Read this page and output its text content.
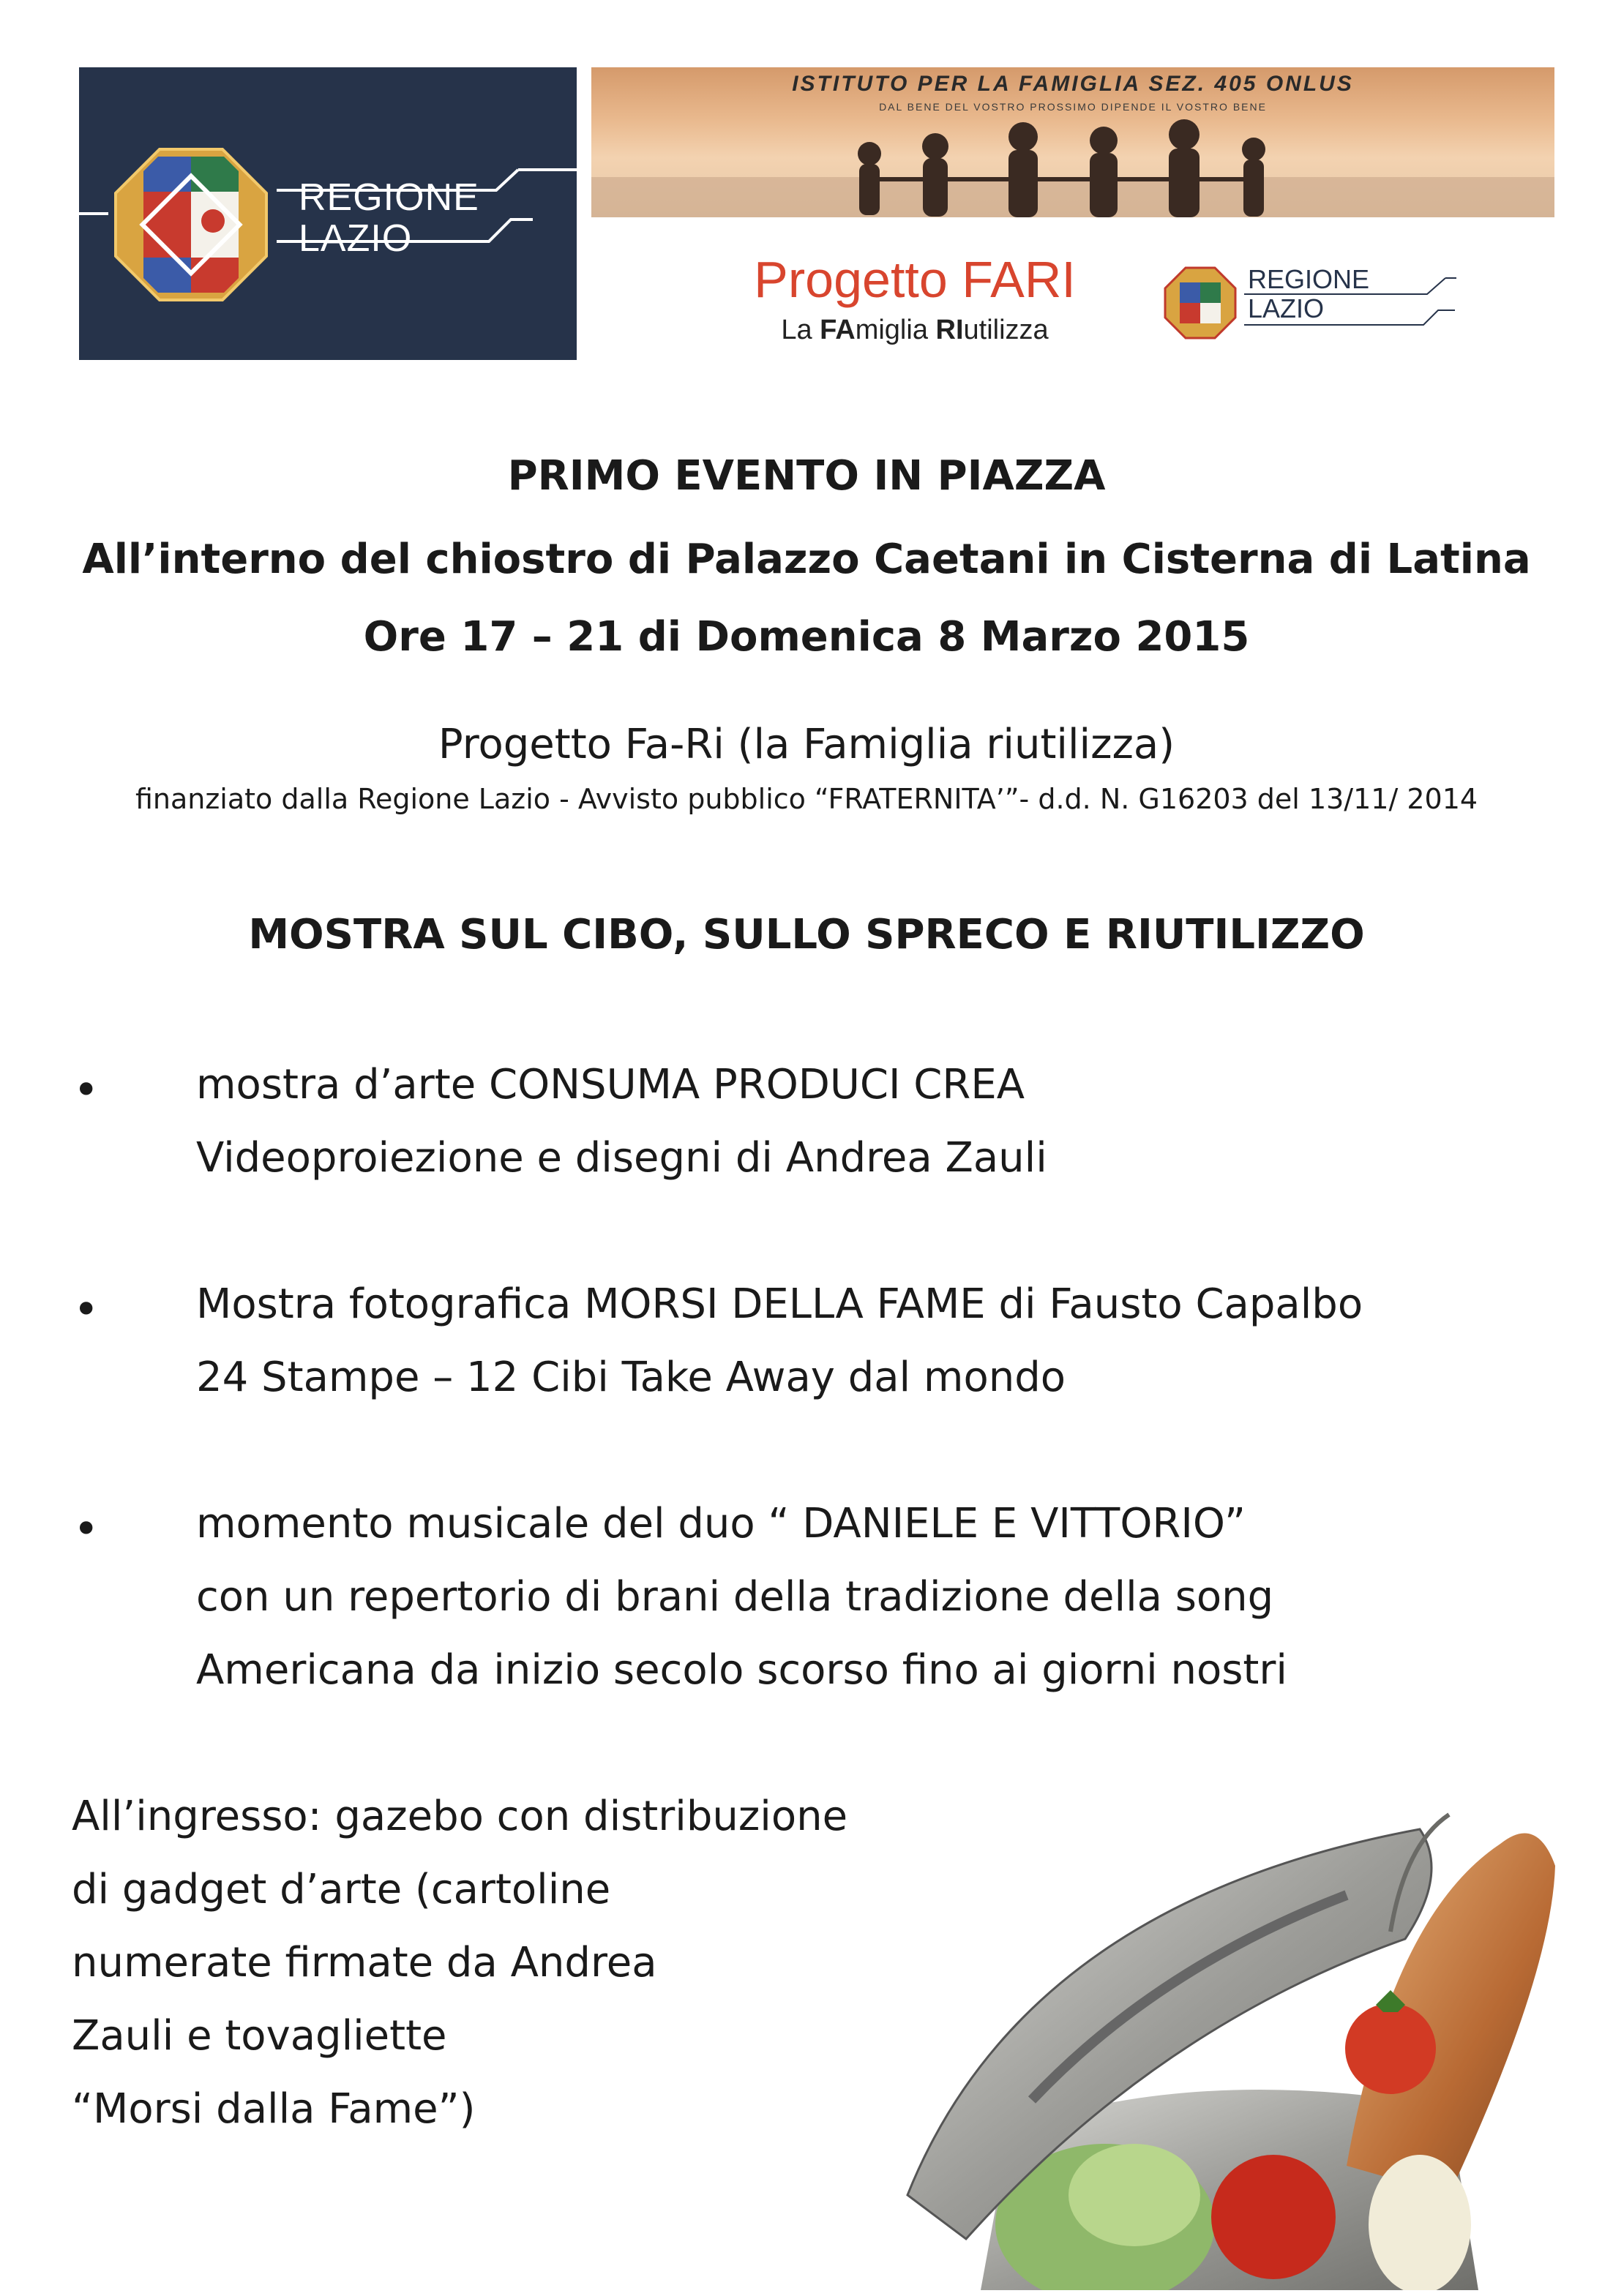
REGIONE
LAZIO
ISTITUTO PER LA FAMIGLIA SEZ. 405 ONLUS
DAL BENE DEL VOSTRO PROSSIMO DIPENDE IL VOSTRO BENE
Progetto FARI
La FAmiglia RIutilizza
REGIONE
LAZIO
PRIMO EVENTO IN PIAZZA
All’interno del chiostro di Palazzo Caetani in Cisterna di Latina
Ore 17 – 21 di Domenica 8 Marzo 2015
Progetto Fa-Ri (la Famiglia riutilizza)
finanziato dalla Regione Lazio - Avvisto pubblico “FRATERNITA’”- d.d. N. G16203 del 13/11/ 2014
MOSTRA SUL CIBO, SULLO SPRECO E RIUTILIZZO
• mostra d’arte CONSUMA PRODUCI CREA
Videoproiezione e disegni di Andrea Zauli
• Mostra fotografica MORSI DELLA FAME di Fausto Capalbo
24 Stampe – 12 Cibi Take Away dal mondo
• momento musicale del duo “ DANIELE E VITTORIO”
con un repertorio di brani della tradizione della song
Americana da inizio secolo scorso fino ai giorni nostri
All’ingresso: gazebo con distribuzione
di gadget d’arte (cartoline
numerate firmate da Andrea
Zauli e tovagliette
“Morsi dalla Fame”)
